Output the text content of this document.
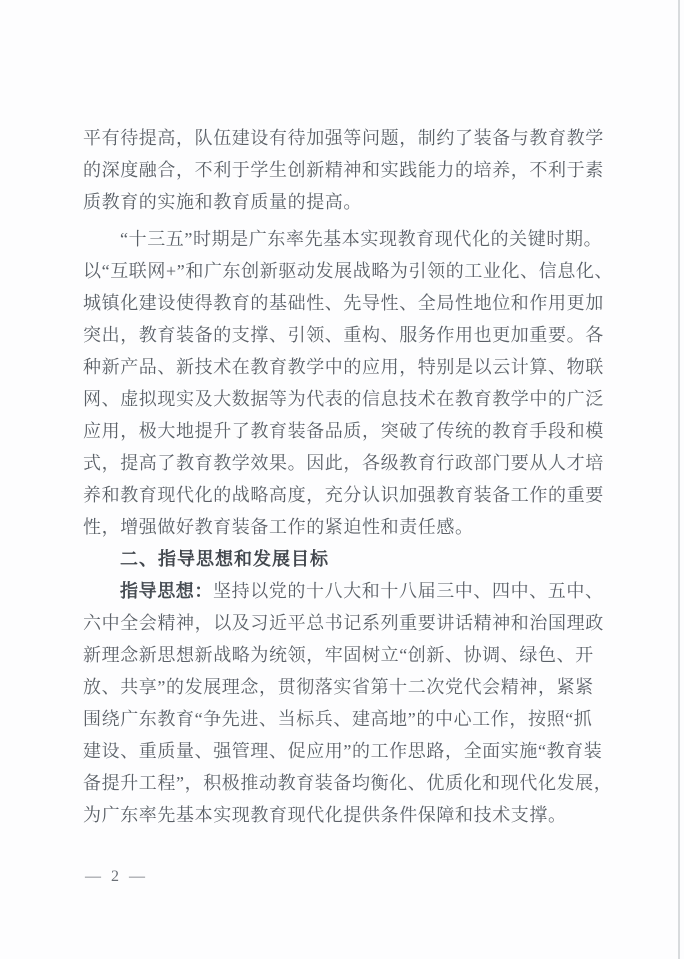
平有待提高，队伍建设有待加强等问题，制约了装备与教育教学
的深度融合，不利于学生创新精神和实践能力的培养，不利于素
质教育的实施和教育质量的提高。
“十三五”时期是广东率先基本实现教育现代化的关键时期。
以“互联网+”和广东创新驱动发展战略为引领的工业化、信息化、
城镇化建设使得教育的基础性、先导性、全局性地位和作用更加
突出，教育装备的支撑、引领、重构、服务作用也更加重要。各
种新产品、新技术在教育教学中的应用，特别是以云计算、物联
网、虚拟现实及大数据等为代表的信息技术在教育教学中的广泛
应用，极大地提升了教育装备品质，突破了传统的教育手段和模
式，提高了教育教学效果。因此，各级教育行政部门要从人才培
养和教育现代化的战略高度，充分认识加强教育装备工作的重要
性，增强做好教育装备工作的紧迫性和责任感。
二、指导思想和发展目标
指导思想：坚持以党的十八大和十八届三中、四中、五中、
六中全会精神，以及习近平总书记系列重要讲话精神和治国理政
新理念新思想新战略为统领，牢固树立“创新、协调、绿色、开
放、共享”的发展理念，贯彻落实省第十二次党代会精神，紧紧
围绕广东教育“争先进、当标兵、建高地”的中心工作，按照“抓
建设、重质量、强管理、促应用”的工作思路，全面实施“教育装
备提升工程”，积极推动教育装备均衡化、优质化和现代化发展，
为广东率先基本实现教育现代化提供条件保障和技术支撑。
— 2 —
